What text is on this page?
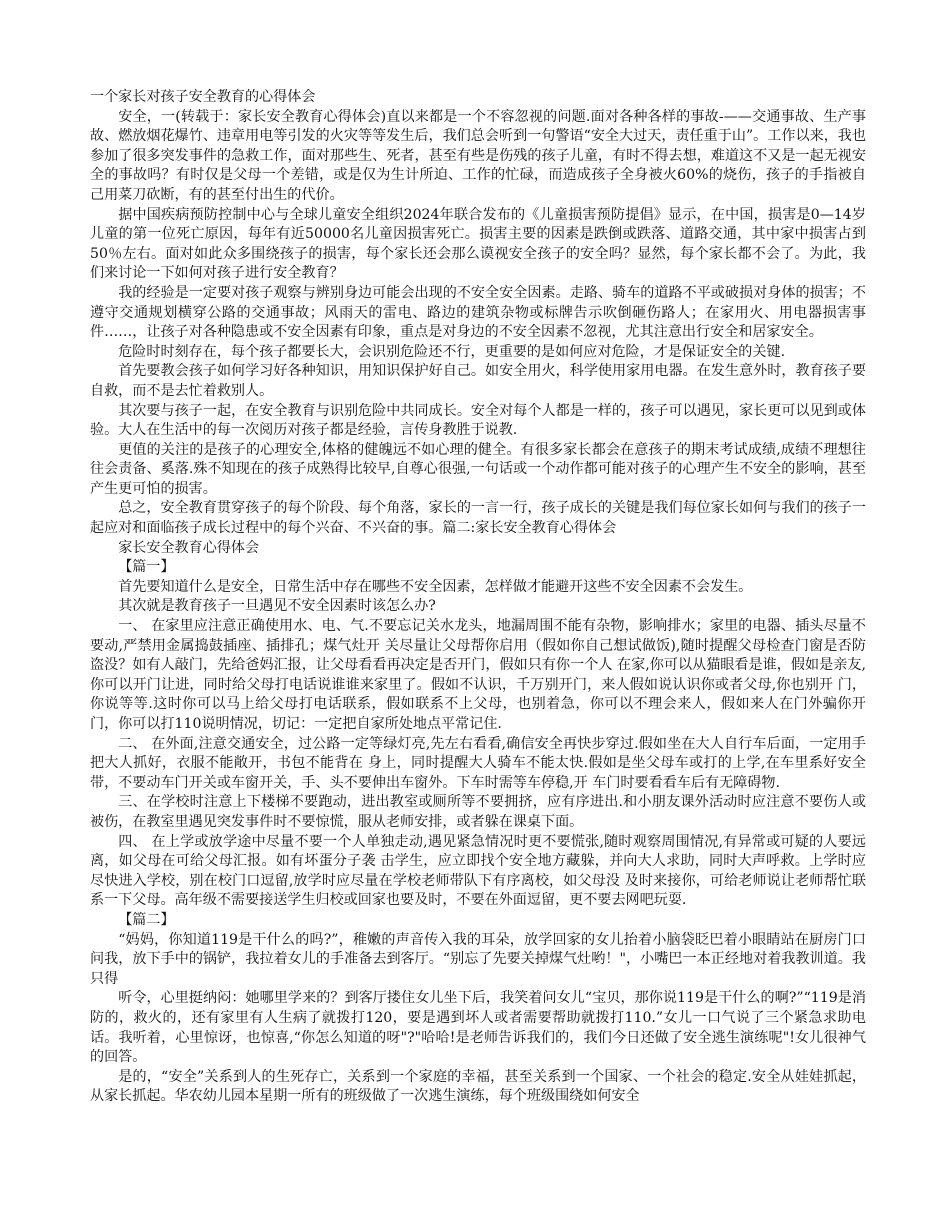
一个家长对孩子安全教育的心得体会

安全，一(转载于：家长安全教育心得体会)直以来都是一个不容忽视的问题.面对各种各样的事故-——交通事故、生产事故、燃放烟花爆竹、违章用电等引发的火灾等等发生后，我们总会听到一句警语“安全大过天，责任重于山”。工作以来，我也参加了很多突发事件的急救工作，面对那些生、死者，甚至有些是伤残的孩子儿童，有时不得去想，难道这不又是一起无视安全的事故吗？有时仅是父母一个差错，或是仅为生计所迫、工作的忙碌，而造成孩子全身被火60%的烧伤，孩子的手指被自己用菜刀砍断，有的甚至付出生的代价。

据中国疾病预防控制中心与全球儿童安全组织2024年联合发布的《儿童损害预防提倡》显示，在中国，损害是0—14岁儿童的第一位死亡原因，每年有近50000名儿童因损害死亡。损害主要的因素是跌倒或跌落、道路交通，其中家中损害占到50％左右。面对如此众多围绕孩子的损害，每个家长还会那么谟视安全孩子的安全吗？显然，每个家长都不会了。为此，我们来讨论一下如何对孩子进行安全教育？

我的经验是一定要对孩子观察与辨别身边可能会出现的不安全安全因素。走路、骑车的道路不平或破损对身体的损害；不遵守交通规划横穿公路的交通事故；风雨天的雷电、路边的建筑杂物或标牌告示吹倒砸伤路人；在家用火、用电器损害事件……，让孩子对各种隐患或不安全因素有印象，重点是对身边的不安全因素不忽视，尤其注意出行安全和居家安全。

危险时时刻存在，每个孩子都要长大，会识别危险还不行，更重要的是如何应对危险，才是保证安全的关键.

首先要教会孩子如何学习好各种知识，用知识保护好自己。如安全用火，科学使用家用电器。在发生意外时，教育孩子要自救，而不是去忙着救别人。

其次要与孩子一起，在安全教育与识别危险中共同成长。安全对每个人都是一样的，孩子可以遇见，家长更可以见到或体验。大人在生活中的每一次阅历对孩子都是经验，言传身教胜于说教.

更值的关注的是孩子的心理安全,体格的健魄远不如心理的健全。有很多家长都会在意孩子的期末考试成绩,成绩不理想往往会责备、奚落.殊不知现在的孩子成熟得比较早,自尊心很强,一句话或一个动作都可能对孩子的心理产生不安全的影响，甚至产生更可怕的损害。

总之，安全教育贯穿孩子的每个阶段、每个角落，家长的一言一行，孩子成长的关键是我们每位家长如何与我们的孩子一起应对和面临孩子成长过程中的每个兴奋、不兴奋的事。篇二:家长安全教育心得体会

家长安全教育心得体会

【篇一】

首先要知道什么是安全，日常生活中存在哪些不安全因素，怎样做才能避开这些不安全因素不会发生。

其次就是教育孩子一旦遇见不安全因素时该怎么办?

一、 在家里应注意正确使用水、电、气.不要忘记关水龙头，地漏周围不能有杂物，影响排水；家里的电器、插头尽量不要动,严禁用金属捣鼓插座、插排孔；煤气灶开 关尽量让父母帮你启用（假如你自己想试做饭),随时提醒父母检查门窗是否防盗没？如有人敲门，先给爸妈汇报，让父母看看再决定是否开门，假如只有你一个人 在家,你可以从猫眼看是谁，假如是亲友,你可以开门让进，同时给父母打电话说谁谁来家里了。假如不认识，千万别开门，来人假如说认识你或者父母,你也别开 门，你说等等.这时你可以马上给父母打电话联系，假如联系不上父母，也别着急，你可以不理会来人，假如来人在门外骗你开门，你可以打110说明情况，切记：一定把自家所处地点平常记住.

二、 在外面,注意交通安全，过公路一定等绿灯亮,先左右看看,确信安全再快步穿过.假如坐在大人自行车后面，一定用手把大人抓好，衣服不能敞开，书包不能背在 身上，同时提醒大人骑车不能太快.假如是坐父母车或打的上学,在车里系好安全带，不要动车门开关或车窗开关，手、头不要伸出车窗外。下车时需等车停稳,开 车门时要看看车后有无障碍物.

三、在学校时注意上下楼梯不要跑动，进出教室或厕所等不要拥挤，应有序进出.和小朋友课外活动时应注意不要伤人或被伤，在教室里遇见突发事件时不要惊慌，服从老师安排，或者躲在课桌下面。

四、 在上学或放学途中尽量不要一个人单独走动,遇见紧急情况时更不要慌张,随时观察周围情况,有异常或可疑的人要远离，如父母在可给父母汇报。如有坏蛋分子袭 击学生，应立即找个安全地方藏躲，并向大人求助，同时大声呼救。上学时应尽快进入学校，别在校门口逗留,放学时应尽量在学校老师带队下有序离校，如父母没 及时来接你，可给老师说让老师帮忙联系一下父母。高年级不需要接送学生归校或回家也要及时，不要在外面逗留，更不要去网吧玩耍.

【篇二】

“妈妈，你知道119是干什么的吗?”，稚嫩的声音传入我的耳朵，放学回家的女儿抬着小脑袋眨巴着小眼睛站在厨房门口问我，放下手中的锅铲，我拉着女儿的手准备去到客厅。“别忘了先要关掉煤气灶哟！"，小嘴巴一本正经地对着我教训道。我只得

听令，心里挺纳闷：她哪里学来的？到客厅搂住女儿坐下后，我笑着问女儿“宝贝，那你说119是干什么的啊?”“119是消防的，救火的，还有家里有人生病了就拨打120，要是遇到坏人或者需要帮助就拨打110.”女儿一口气说了三个紧急求助电话。我听着，心里惊讶，也惊喜,“你怎么知道的呀"?"哈哈!是老师告诉我们的，我们今日还做了安全逃生演练呢"!女儿很神气的回答。

是的，“安全”关系到人的生死存亡，关系到一个家庭的幸福，甚至关系到一个国家、一个社会的稳定.安全从娃娃抓起，从家长抓起。华农幼儿园本星期一所有的班级做了一次逃生演练，每个班级围绕如何安全
